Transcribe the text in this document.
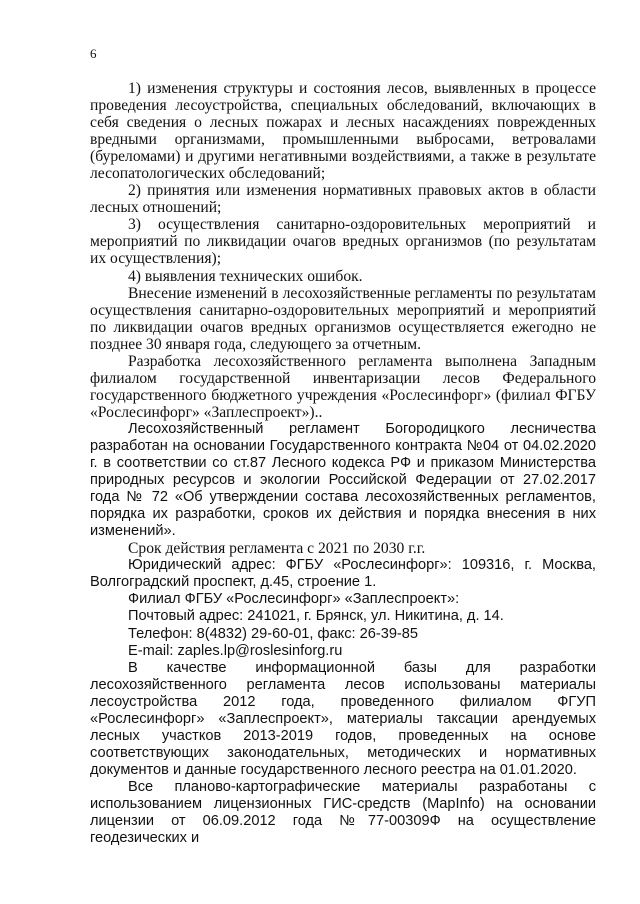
6

1) изменения структуры и состояния лесов, выявленных в процессе проведения лесоустройства, специальных обследований, включающих в себя сведения о лесных пожарах и лесных насаждениях поврежденных вредными организмами, промышленными выбросами, ветровалами (буреломами) и другими негативными воздействиями, а также в результате лесопатологических обследований;

2) принятия или изменения нормативных правовых актов в области лесных отношений;

3) осуществления санитарно-оздоровительных мероприятий и мероприятий по ликвидации очагов вредных организмов (по результатам их осуществления);

4) выявления технических ошибок.

Внесение изменений в лесохозяйственные регламенты по результатам осуществления санитарно-оздоровительных мероприятий и мероприятий по ликвидации очагов вредных организмов осуществляется ежегодно не позднее 30 января года, следующего за отчетным.

Разработка лесохозяйственного регламента выполнена Западным филиалом государственной инвентаризации лесов Федерального государственного бюджетного учреждения «Рослесинфорг» (филиал ФГБУ «Рослесинфорг» «Заплеспроект»)..

Лесохозяйственный регламент Богородицкого лесничества разработан на основании Государственного контракта №04 от 04.02.2020 г. в соответствии со ст.87 Лесного кодекса РФ и приказом Министерства природных ресурсов и экологии Российской Федерации от 27.02.2017 года № 72 «Об утверждении состава лесохозяйственных регламентов, порядка их разработки, сроков их действия и порядка внесения в них изменений».

Срок действия регламента с 2021 по 2030 г.г.

Юридический адрес: ФГБУ «Рослесинфорг»: 109316, г. Москва, Волгоградский проспект, д.45, строение 1.

Филиал ФГБУ «Рослесинфорг» «Заплеспроект»:

Почтовый адрес: 241021, г. Брянск, ул. Никитина, д. 14.

Телефон: 8(4832) 29-60-01, факс: 26-39-85

E-mail: zaples.lp@roslesinforg.ru

В качестве информационной базы для разработки лесохозяйственного регламента лесов использованы материалы лесоустройства 2012 года, проведенного филиалом ФГУП «Рослесинфорг» «Заплеспроект», материалы таксации арендуемых лесных участков 2013-2019 годов, проведенных на основе соответствующих законодательных, методических и нормативных документов и данные государственного лесного реестра на 01.01.2020.

Все планово-картографические материалы разработаны с использованием лицензионных ГИС-средств (MapInfo) на основании лицензии от 06.09.2012 года №77-00309Ф на осуществление геодезических и
